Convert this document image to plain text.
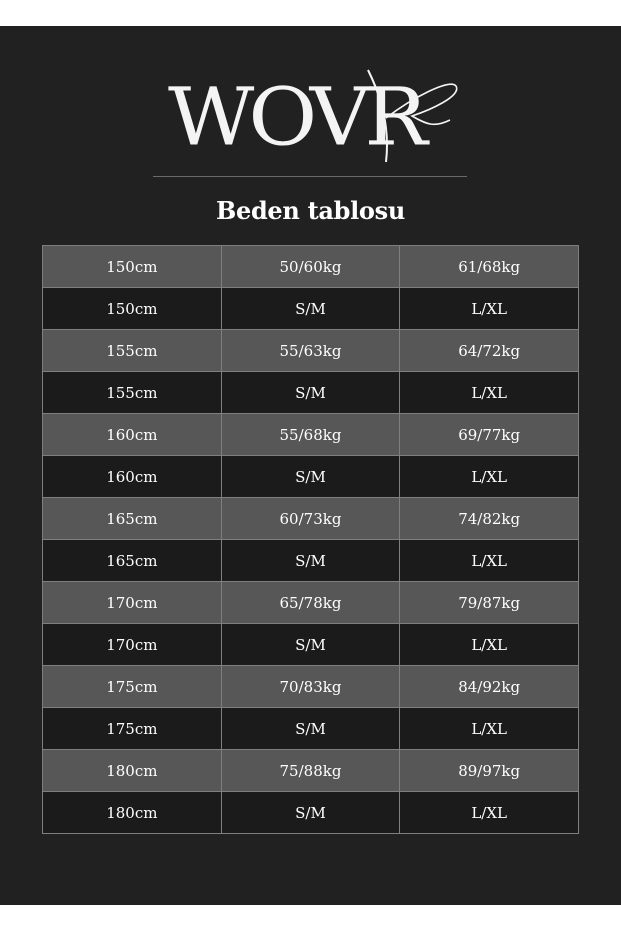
WOVR
Beden tablosu
150cm	50/60kg	61/68kg
150cm	S/M	L/XL
155cm	55/63kg	64/72kg
155cm	S/M	L/XL
160cm	55/68kg	69/77kg
160cm	S/M	L/XL
165cm	60/73kg	74/82kg
165cm	S/M	L/XL
170cm	65/78kg	79/87kg
170cm	S/M	L/XL
175cm	70/83kg	84/92kg
175cm	S/M	L/XL
180cm	75/88kg	89/97kg
180cm	S/M	L/XL
